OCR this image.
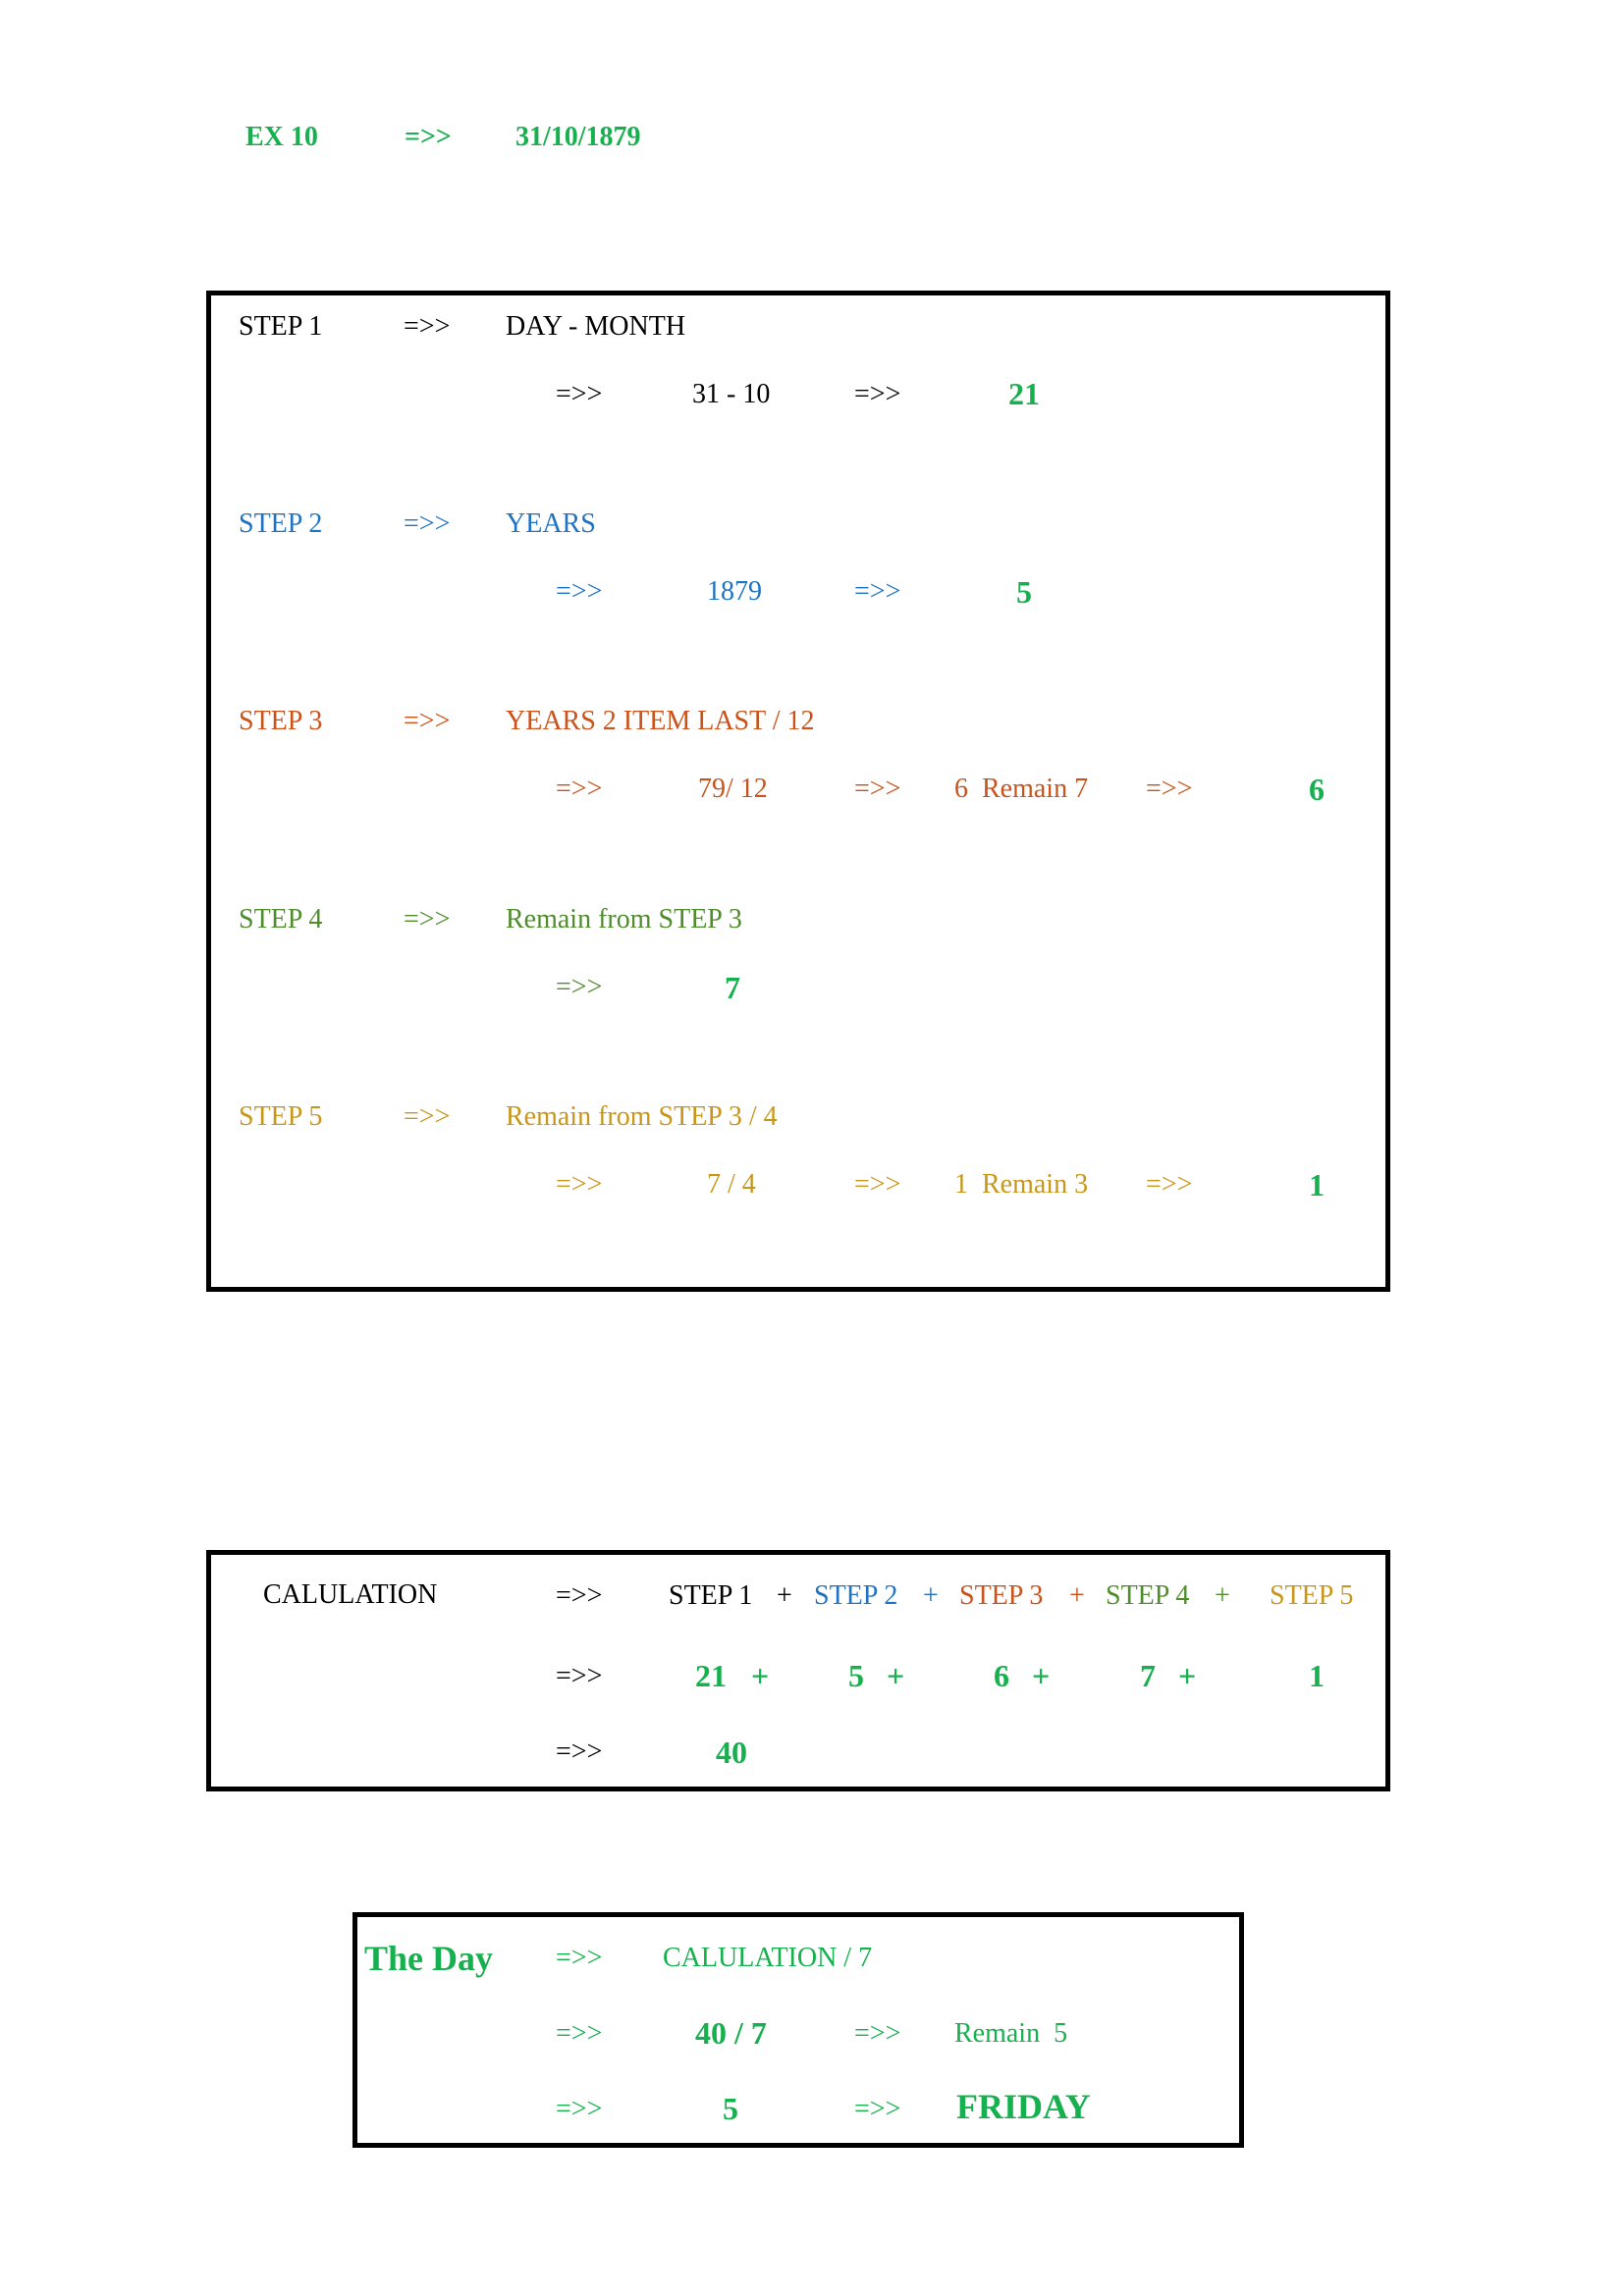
EX 10	=>> 31/10/1879
STEP 1	=>> DAY - MONTH
=>>	31 - 10	=>>	21
STEP 2	=>> YEARS
=>>	1879	=>>	5
STEP 3	=>> YEARS 2 ITEM LAST / 12
=>>	79/ 12	=>> 6  Remain 7 =>>	6
STEP 4	=>> Remain from STEP 3
=>>	7
STEP 5	=>> Remain from STEP 3 / 4
=>>	7 / 4	=>> 1  Remain 3 =>>	1
CALULATION	=>> STEP 1 + STEP 2 + STEP 3 + STEP 4 + STEP 5
=>>	21 +	5 +	6 +	7 +	1
=>>	40
The Day =>> CALULATION / 7
=>>	40 / 7	=>> Remain  5
=>>	5	=>> FRIDAY
